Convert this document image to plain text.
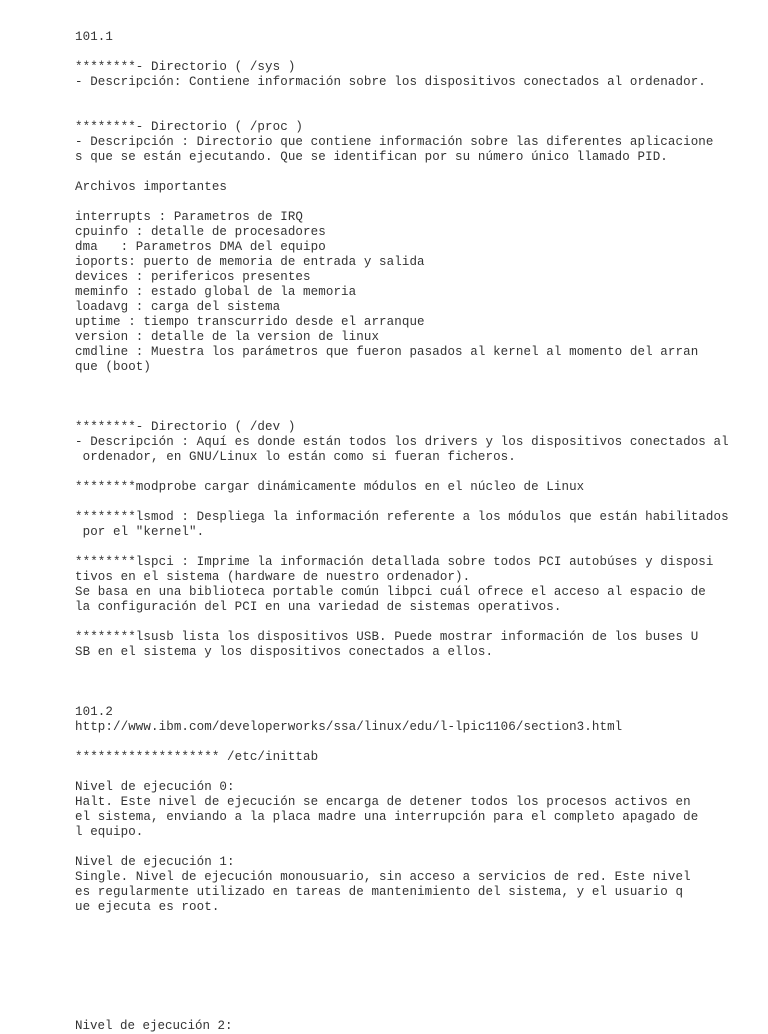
101.1
********- Directorio ( /sys )
- Descripción: Contiene información sobre los dispositivos conectados al ordenador.
********- Directorio ( /proc )
- Descripción : Directorio que contiene información sobre las diferentes aplicacione
s que se están ejecutando. Que se identifican por su número único llamado PID.
Archivos importantes
interrupts : Parametros de IRQ
cpuinfo : detalle de procesadores
dma   : Parametros DMA del equipo
ioports: puerto de memoria de entrada y salida
devices : perifericos presentes
meminfo : estado global de la memoria
loadavg : carga del sistema
uptime : tiempo transcurrido desde el arranque
version : detalle de la version de linux
cmdline : Muestra los parámetros que fueron pasados al kernel al momento del arran
que (boot)
********- Directorio ( /dev )
- Descripción : Aquí es donde están todos los drivers y los dispositivos conectados al
ordenador, en GNU/Linux lo están como si fueran ficheros.
********modprobe cargar dinámicamente módulos en el núcleo de Linux
********lsmod : Despliega la información referente a los módulos que están habilitados
por el "kernel".
********lspci : Imprime la información detallada sobre todos PCI autobúses y disposi
tivos en el sistema (hardware de nuestro ordenador).
Se basa en una biblioteca portable común libpci cuál ofrece el acceso al espacio de
la configuración del PCI en una variedad de sistemas operativos.
********lsusb lista los dispositivos USB. Puede mostrar información de los buses U
SB en el sistema y los dispositivos conectados a ellos.
101.2
http://www.ibm.com/developerworks/ssa/linux/edu/l-lpic1106/section3.html
******************* /etc/inittab
Nivel de ejecución 0:
Halt. Este nivel de ejecución se encarga de detener todos los procesos activos en
el sistema, enviando a la placa madre una interrupción para el completo apagado de
l equipo.
Nivel de ejecución 1:
Single. Nivel de ejecución monousuario, sin acceso a servicios de red. Este nivel
es regularmente utilizado en tareas de mantenimiento del sistema, y el usuario q
ue ejecuta es root.
Nivel de ejecución 2:
